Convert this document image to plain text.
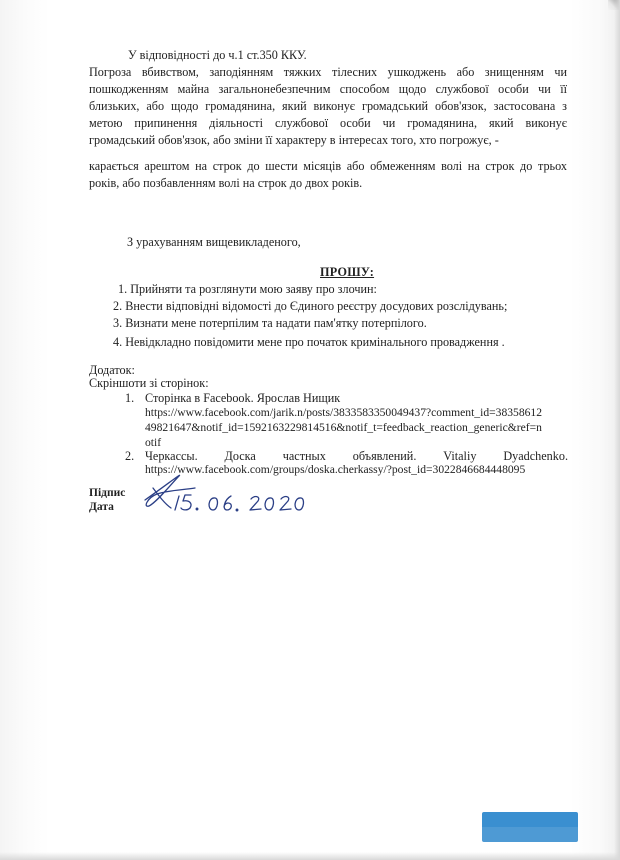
У відповідності до ч.1 ст.350 ККУ.
Погроза вбивством, заподіянням тяжких тілесних ушкоджень або знищенням чи
пошкодженням майна загальнонебезпечним способом щодо службової особи чи її
близьких, або щодо громадянина, який виконує громадський обов'язок, застосована з
метою припинення діяльності службової особи чи громадянина, який виконує
громадський обов'язок, або зміни її характеру в інтересах того, хто погрожує, -
карається арештом на строк до шести місяців або обмеженням волі на строк до трьох
років, або позбавленням волі на строк до двох років.
З урахуванням вищевикладеного,
ПРОШУ:
1. Прийняти та розглянути мою заяву про злочин:
2. Внести відповідні відомості до Єдиного реєстру досудових розслідувань;
3. Визнати мене потерпілим та надати пам'ятку потерпілого.
4. Невідкладно повідомити мене про початок кримінального провадження .
Додаток:
Скріншоти зі сторінок:
1. Сторінка в Facebook. Ярослав Нищик
https://www.facebook.com/jarik.n/posts/3833583350049437?comment_id=38358612
49821647&notif_id=1592163229814516&notif_t=feedback_reaction_generic&ref=n
otif
2. Черкассы. Доска частных объявлений. Vitaliy Dyadchenko.
https://www.facebook.com/groups/doska.cherkassy/?post_id=3022846684448095
Підпис
Дата
